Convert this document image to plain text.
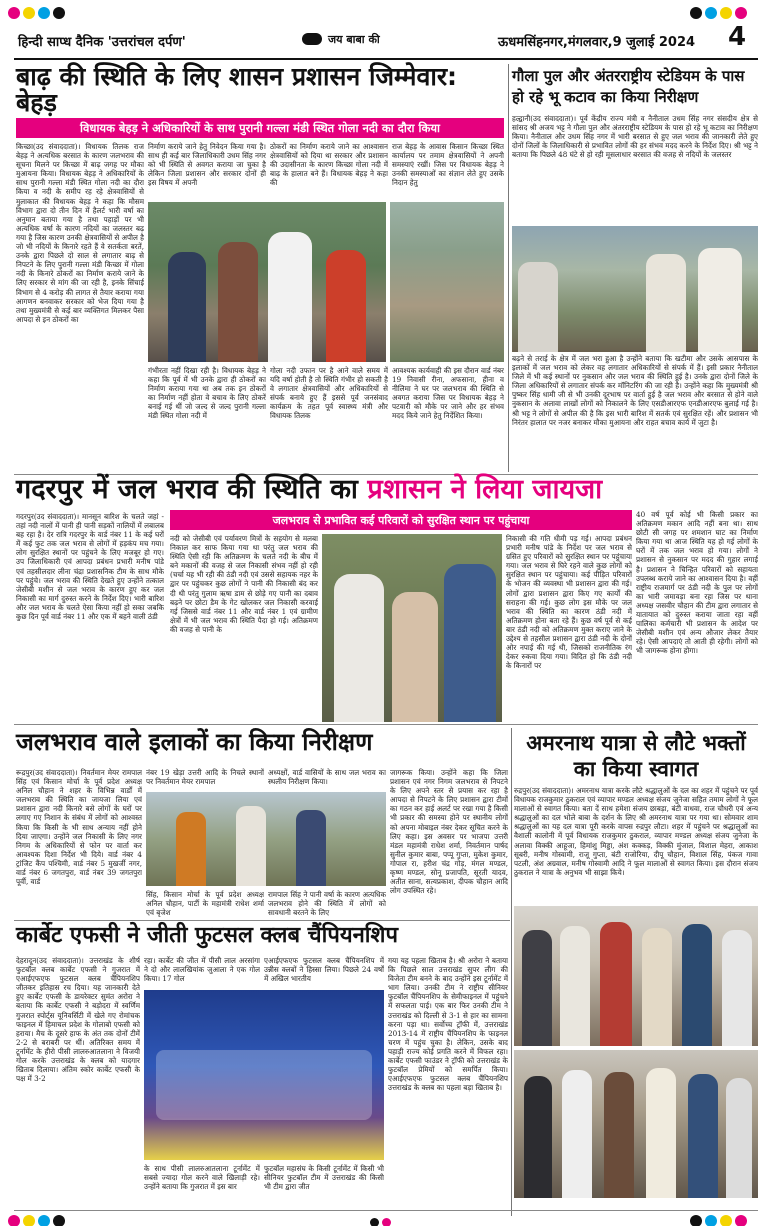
हिन्दी साप्ध दैनिक 'उत्तरांचल दर्पण'	जय बाबा की	ऊधमसिंहनगर,मंगलवार,9 जुलाई 2024 4
बाढ़ की स्थिति के लिए शासन प्रशासन जिम्मेवार: बेहड़
विधायक बेहड़ ने अधिकारियों के साथ पुरानी गल्ला मंडी स्थित गोला नदी का दौरा किया
किच्छा(उद संवाददाता)। विधायक तिलक राज बेहड़ ने अत्यधिक बरसात के कारण जलभराव की सूचना मिलने पर किच्छा में बाढ़ जगह पर मौका मुआयना किया। विधायक बेहड़ ने अधिकारियों के साथ पुरानी गल्ला मंडी स्थित गोला नदी का दौरा किया व नदी के समीप रह रहे क्षेत्रवासियों से मुलाकात की विधायक बेहड़ ने कहा कि मौसम विभाग द्वारा दो तीन दिन में हैलर्ट भारी वर्षा का अनुमान बताया गया है तथा पहाड़ों पर भी अत्यधिक वर्षा के कारण नदियों का जलस्तर बढ़ गया है जिस कारण उनकी क्षेत्रवासियों से अपील है जो भी नदियों के किनारे रहते हैं वे सतर्कता बरतें, उनके द्वारा पिछले दो साल से लगातार बाढ़ से निपटने के लिए पुरानी गल्ला मंडी किच्छा में गोला नदी के किनारे ठोकरों का निर्माण कराये जाने के लिए सरकार से मांग की जा रही है, इनके सिंचाई विभाग से 4 करोड़ की लागत से तैयार कराया गया आगणन बनवाकर सरकार को भेज दिया गया है तथा मुख्यमंत्री से कई बार व्यक्तिगत मिलकर पैसा आपदा से इन ठोकरों का
निर्माण कराये जाने हेतु निवेदन किया गया है। साथ ही कई बार जिलाधिकारी उधम सिंह नगर को भी स्थिति से अवगत कराया जा चुका है लेकिन जिला प्रशासन और सरकार दोनों ही इस विषय में अपनी
ठोकरों का निर्माण कराये जाने का आश्वासन क्षेत्रवासियों को दिया था सरकार और प्रशासन की उदासीनता के कारण किच्छा गोला नदी में बाढ़ के हालात बने हैं। विधायक बेहड़ ने कहा की
राज बेहड़ के आवास किसान किच्छा स्थित कार्यालय पर तमाम क्षेत्रवासियों ने अपनी समस्याएं रखीं। जिस पर विधायक बेहड़ ने उनकी समस्याओं का संज्ञान लेते हुए उसके निदान हेतु
गंभीरता नहीं दिखा रही है। विधायक बेहड़ ने कहा कि पूर्व में भी उनके द्वारा ही ठोकरों का निर्माण कराया गया था अब तक इन ठोकरों का निर्माण नहीं होता वे बचाव के लिए ठोकरें बनाई गई थीं जो जल्द से जल्द पुरानी गल्ला मंडी स्थित गोला नदी में
गोला नदी उफान पर है आने वाले समय में यदि वर्षा होती है तो स्थिति गंभीर हो सकती है वे लगातार क्षेत्रवासियों और अधिकारियों से संपर्क बनाये हुए हैं इससे पूर्व जनसंवाद कार्यक्रम के तहत पूर्व स्वास्थ्य मंत्री और विधायक तिलक
आवश्यक कार्यवाही की इस दौरान वार्ड नंबर 19 निवासी रीना, अफसाना, हीना व नीलिमा ने घर पर जलभराव की स्थिति से अवगत कराया जिस पर विधायक बेहड़ ने पटवारी को मौके पर जाने और हर संभव मदद किये जाने हेतु निर्देशित किया।
गौला पुल और अंतरराष्ट्रीय स्टेडियम के पास हो रहे भू कटाव का किया निरीक्षण
हल्द्वानी(उद संवाददाता)। पूर्व केंद्रीय राज्य मंत्री व नैनीताल उधम सिंह नगर संसदीय क्षेत्र से सांसद श्री अजय भट्ट ने गौला पुल और अंतरराष्ट्रीय स्टेडियम के पास हो रहे भू कटाव का निरीक्षण किया। नैनीताल और उधम सिंह नगर में भारी बरसात से हुए जल भराव की जानकारी लेते हुए दोनों जिलों के जिलाधिकारी से प्रभावित लोगों की हर संभव मदद करने के निर्देश दिए। श्री भट्ट ने बताया कि पिछले 48 घंटे से हो रही मूसलाधार बरसात की वजह से नदियों के जलस्तर
बढ़ने से तराई के क्षेत्र में जल भरा हुआ है उन्होंने बताया कि खटीमा और उसके आसपास के इलाकों में जल भराव को लेकर वह लगातार अधिकारियों से संपर्क में हैं। इसी प्रकार नैनीताल जिले में भी कई स्थानों पर नुकसान और जल भराव की स्थिति हुई है। उनके द्वारा दोनों जिले के जिला अधिकारियों से लगातार संपर्क कर मॉनिटरिंग की जा रही है। उन्होंने कहा कि मुख्यमंत्री श्री पुष्कर सिंह धामी जी से भी उनकी दूरभाष पर वार्ता हुई है जल भराव और बरसात से होने वाले नुकसान के अलावा लाखों लोगों को निकालने के लिए एसडीआरएफ एनडीआरएफ बुलाई गई है। श्री भट्ट ने लोगों से अपील की है कि इस भारी बारिश में सतर्क एवं सुरक्षित रहें। और प्रशासन भी निरंतर हालात पर नजर बनाकर मौका मुआयना और राहत बचाव कार्य में जुटा है।
गदरपुर में जल भराव की स्थिति का प्रशासन ने लिया जायजा
गदरपुर(उद संवाददाता)। मानसून बारिश के चलते जहां - तहां नदी नालों में पानी ही पानी सड़कों नालियों में लबालब बह रहा है। देर रात्रि गदरपुर के वार्ड नंबर 11 के कई घरों में कई फुट तक जल भराव से लोगों में हड़कंप मच गया। लोग सुरक्षित स्थानों पर पहुंचने के लिए मजबूर हो गए। उप जिलाधिकारी एवं आपदा प्रबंधन प्रभारी मनीष पांडे एवं तहसीलदार लीना चंद्रा प्रशासनिक टीम के साथ मौके पर पहुंचे। जल भराव की स्थिति देखते हुए उन्होंने तत्काल जेसीबी मशीन से जल भराव के कारण हुए कर जल निकासी का मार्ग दुरुस्त करने के निर्देश दिए। भारी बारिश और जल भराव के चलते ऐसा किया नहीं हो सका जबकि कुछ दिन पूर्व वार्ड नंबर 11 और एक में बहने वाली ठंडी
जलभराव से प्रभावित कई परिवारों को सुरक्षित स्थान पर पहुंचाया
नदी को जेसीबी एवं पर्यावरण मित्रों के सहयोग से मलबा निकाल कर साफ किया गया था परंतु जल भराव की स्थिति ऐसी रही कि अतिक्रमण के चलते नदी के बीच में बने मकानों की वजह से जल निकासी संभव नहीं हो रही (चर्चा यह भी रही की ठंडी नदी एवं उससे सहायक नहर के द्वार पर पहुंचकर कुछ लोगों ने पानी की निकासी बंद कर दी थी परंतु गुलाम ऋषा डाम से छोड़े गए पानी का दबाव बढ़ने पर छोटा डैम के गेट खोलकर जल निकासी करवाई गई जिससे वार्ड नंबर 11 और वार्ड नंबर 1 एवं ग्रामीण क्षेत्रों में भी जल भराव की स्थिति पैदा हो गई। अतिक्रमण की वजह से पानी के
निकासी की गति धीमी पड़ गई। आपदा प्रबंधन प्रभारी मनीष पांडे के निर्देश पर जल भराव से ग्रसित हुए परिवारों को सुरक्षित स्थान पर पहुंचाया गया। जल भराव से घिरे रहने वाले कुछ लोगों को सुरक्षित स्थान पर पहुंचाया। कई पीड़ित परिवारों के भोजन की व्यवस्था भी प्रशासन द्वारा की गई। लोगों द्वारा प्रशासन द्वारा किए गए कार्यों की सराहना की गई। कुछ लोग इस मौके पर जल भराव की स्थिति का कारण ठंडी नदी में अतिक्रमण होना बता रहे हैं। कुछ वर्ष पूर्व से कई बार ठंडी नदी को अतिक्रमण मुक्त कराए जाने के उद्देश्य से तहसील प्रशासन द्वारा ठंडी नदी के दोनों ओर नपाई की गई थी, जिसको राजनीतिक रंग देकर रुकवा दिया गया। विदित हो कि ठंडी नदी के किनारों पर
40 वर्ष पूर्व कोई भी किसी प्रकार का अतिक्रमण मकान आदि नहीं बना था। साथ छोटी सी जगह पर शमशान घाट का निर्माण किया गया था आज स्थिति यह हो गई लोगों के घरों में तक जल भराव हो गया। लोगों ने प्रशासन से नुकसान पर मदद की गुहार लगाई है। प्रशासन ने चिन्हित परिवारों को सहायता उपलब्ध कराये जाने का आश्वासन दिया है। वहीं राष्ट्रीय राजमार्ग पर ठंडी नदी के पुल पर लोगों का भारी जमावड़ा बना रहा जिस पर थाना अध्यक्ष जसवीर चौहान की टीम द्वारा लगातार से यातायात को दुरुस्त कराया जाता रहा वहीं पालिका कर्मचारी भी प्रशासन के आदेश पर जेसीबी मशीन एवं अन्य औजार लेकर तैयार रहे। ऐसी आपदाएं तो आती ही रहेगी। लोगों को भी जागरूक होना होगा।
जलभराव वाले इलाकों का किया निरीक्षण
रूद्रपुर(उद संवाददाता)। निवर्तमान मेयर रामपाल सिंह एवं किसान मोर्चा के पूर्व प्रदेश अध्यक्ष अनिल चौहान ने शहर के विभिन्न वार्डों में जलभराव की स्थिति का जायजा लिया एवं प्रशासन द्वारा नदी किनारे बसे लोगों के घरों पर लगाए गए निशान के संबंध में लोगों को आश्वस्त किया कि किसी के भी साथ अन्याय नहीं होने दिया जाएगा। उन्होंने जल निकासी के लिए नगर निगम के अधिकारियों से फोन पर वार्ता कर आवश्यक दिशा निर्देश भी दिये। वार्ड नंबर 4 ट्रांजिट कैंप पश्चिमी, वार्ड नंबर 5 मुखर्जी नगर, वार्ड नंबर 6 जगतपुरा, वार्ड नंबर 39 जगतपुरा पूर्वी, वार्ड
नंबर 19 खेड़ा उत्तरी आदि के निचले स्थानों पर निवर्तमान मेयर रामपाल
अध्यक्षों, वार्ड वासियों के साथ जल भराव का स्थलीय निरीक्षण किया।
सिंह, किसान मोर्चा के पूर्व प्रदेश अध्यक्ष अनिल चौहान, पार्टी के महामंत्री राधेश शर्मा एवं बृजेश
रामपाल सिंह ने पानी वर्षा के कारण अत्यधिक जलभराव होने की स्थिति में लोगों को सावधानी बरतने के लिए
जागरूक किया। उन्होंने कहा कि जिला प्रशासन एवं नगर निगम जलभराव से निपटने के लिए अपने स्तर से प्रयास कर रहा है आपदा से निपटने के लिए प्रशासन द्वारा टीमों का गठन कर हाई अलर्ट पर रखा गया है किसी भी प्रकार की समस्या होने पर स्थानीय लोगों को अपना मोबाइल नंबर देकर सूचित करने के लिए कहा। इस अवसर पर भाजपा उत्तरी मंडल महामंत्री राधेश शर्मा, निवर्तमान पार्षद सुनील कुमार बाबा, पप्पू गुप्ता, मुकेश कुमार, गोपाल रा, हरीश चंद्र गोड़, मंगल मण्डल, कृष्ण मण्डल, सोनू प्रजापति, सूरती यादव, अतीत साना, सत्यप्रकाश, दीपक चौहान आदि लोग उपस्थित रहे।
अमरनाथ यात्रा से लौटे भक्तों का किया स्वागत
रुद्रपुर(उद संवाददाता)। अमरनाथ यात्रा करके लौटे श्रद्धालुओं के दल का शहर में पहुंचने पर पूर्व विधायक राजकुमार ठुकराल एवं व्यापार मण्डल अध्यक्ष संजय जुनेजा सहित तमाम लोगों ने फूल मालाओं से स्वागत किया। बता दें साथ हमेशा संजय छाबड़ा, बंटी वाधवा, राज चौधरी एवं अन्य श्रद्धालुओं का दल भोले बाबा के दर्शन के लिए श्री अमरनाथ यात्रा पर गया था। सोमवार शाम श्रद्धालुओं का यह दल यात्रा पूरी करके वापस रुद्रपुर लौटा। शहर में पहुंचने पर श्रद्धालुओं का वैशाली कालोनी में पूर्व विधायक राजकुमार ठुकराल, व्यापार मण्डल अध्यक्ष संजय जुनेजा के अलावा विक्की आहूजा, हिमांशु मिड्डा, अंश कक्कड़, विक्की मुंजाल, विशाल मेहरा, आकाश सूबरी, मनीष गोस्वामी, राजू गुप्ता, बंटी राजोरिया, दीपू चौहान, विशाल सिंह, पंकज गावा पटली, अंश अग्रवाल, मनीष गोस्वामी आदि ने फूल मालाओं से स्वागत किया। इस दौरान संजय ठुकराल ने यात्रा के अनुभव भी साझा किये।
कार्बेट एफसी ने जीती फुटसल क्लब चैंपियनशिप
देहरादून(उद संवाददाता)। उत्तराखंड के शीर्ष फुटबॉल क्लब कार्बेट एफसी ने गुजरात में एआईएफएफ फुटसल क्लब चैंपियनशिप जीतकर इतिहास रच दिया। यह जानकारी देते हुए कार्बेट एफसी के डायरेक्टर सुमंत अरोरा ने बताया कि कार्बेट एफसी ने बड़ोदरा में स्वर्णिम गुजरात स्पोर्ट्स यूनिवर्सिटी में खेले गए रोमांचक फाइनल में हिमाचल प्रदेश के गोलाबो एफसी को हराया। मैच के दूसरे हाफ के अंत तक दोनों टीमें 2-2 से बराबरी पर थीं। अतिरिक्त समय में टूर्नामेंट के हीरो पीसी लालरुआतलाना ने विजयी गोल करके उत्तराखंड के क्लब को यादगार खिताब दिलाया। अंतिम स्कोर कार्बेट एफसी के पक्ष में 3-2
रहा। कार्बेट की जीत में पीसी लाल अरसांगा ने दो और लालखियांक जुआला ने एक गोल किया। 17 गोल
एआईएफएफ फुटसल क्लब चैंपियनशिप में उन्नीस क्लबों ने हिस्सा लिया। पिछले 24 वर्षों में अखिल भारतीय
के साथ पीसी लालरुआतलाना टूर्नामेंट में सबसे ज्यादा गोल करने वाले खिलाड़ी रहे। उन्होंने बताया कि गुजरात में इस बार
फुटबॉल महासंघ के किसी टूर्नामेंट में किसी भी सीनियर फुटबॉल टीम में उत्तराखंड की किसी भी टीम द्वारा जीत
गया यह पहला खिताब है। श्री अरोरा ने बताया कि पिछले साल उत्तराखंड सुपर लीग की विजेता टीम बनने के बाद उन्होंने इस टूर्नामेंट में भाग लिया। उनकी टीम ने राष्ट्रीय सीनियर फुटबॉल चैंपियनशिप के सेमीफाइनल में पहुंचने में सफलता पाई। एक बार फिर उनकी टीम ने उत्तराखंड को दिल्ली से 3-1 से हार का सामना करना पड़ा था। सर्वोच्च ट्रॉफी में, उत्तराखंड 2013-14 में राष्ट्रीय चैंपियनशिप के फाइनल चरण में पहुंच चुका है। लेकिन, उसके बाद पहाड़ी राज्य कोई प्रगति करने में विफल रहा। कार्बेट एफसी फाउंडर ने ट्रॉफी को उत्तराखंड के फुटबॉल प्रेमियों को समर्पित किया। एआईएफएफ फुटसल क्लब चैंपियनशिप उत्तराखंड के क्लब का पहला बड़ा खिताब है।
